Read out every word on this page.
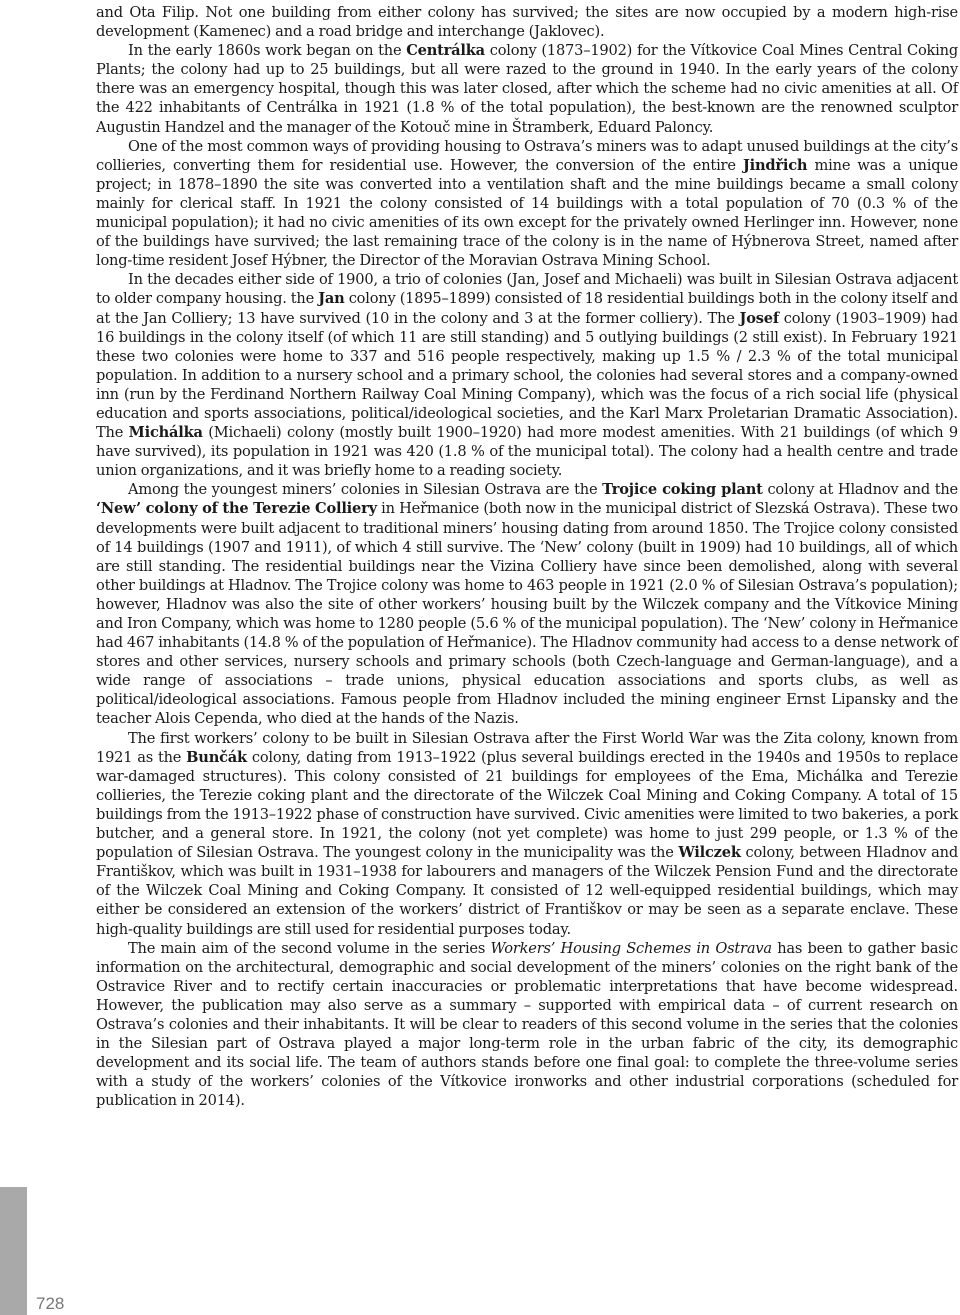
and Ota Filip. Not one building from either colony has survived; the sites are now occupied by a modern high-rise development (Kamenec) and a road bridge and interchange (Jaklovec).

In the early 1860s work began on the Centrálka colony (1873–1902) for the Vítkovice Coal Mines Central Coking Plants; the colony had up to 25 buildings, but all were razed to the ground in 1940. In the early years of the colony there was an emergency hospital, though this was later closed, after which the scheme had no civic amenities at all. Of the 422 inhabitants of Centrálka in 1921 (1.8 % of the total population), the best-known are the renowned sculptor Augustin Handzel and the manager of the Kotouč mine in Štramberk, Eduard Paloncy.

One of the most common ways of providing housing to Ostrava’s miners was to adapt unused buildings at the city’s collieries, converting them for residential use. However, the conversion of the entire Jindřich mine was a unique project; in 1878–1890 the site was converted into a ventilation shaft and the mine buildings became a small colony mainly for clerical staff. In 1921 the colony consisted of 14 buildings with a total population of 70 (0.3 % of the municipal population); it had no civic amenities of its own except for the privately owned Herlinger inn. However, none of the buildings have survived; the last remaining trace of the colony is in the name of Hýbnerova Street, named after long-time resident Josef Hýbner, the Director of the Moravian Ostrava Mining School.

In the decades either side of 1900, a trio of colonies (Jan, Josef and Michaeli) was built in Silesian Ostrava adjacent to older company housing. the Jan colony (1895–1899) consisted of 18 residential buildings both in the colony itself and at the Jan Colliery; 13 have survived (10 in the colony and 3 at the former colliery). The Josef colony (1903–1909) had 16 buildings in the colony itself (of which 11 are still standing) and 5 outlying buildings (2 still exist). In February 1921 these two colonies were home to 337 and 516 people respectively, making up 1.5 % / 2.3 % of the total municipal population. In addition to a nursery school and a primary school, the colonies had several stores and a company-owned inn (run by the Ferdinand Northern Railway Coal Mining Company), which was the focus of a rich social life (physical education and sports associations, political/ideological societies, and the Karl Marx Proletarian Dramatic Association). The Michálka (Michaeli) colony (mostly built 1900–1920) had more modest amenities. With 21 buildings (of which 9 have survived), its population in 1921 was 420 (1.8 % of the municipal total). The colony had a health centre and trade union organizations, and it was briefly home to a reading society.

Among the youngest miners’ colonies in Silesian Ostrava are the Trojice coking plant colony at Hladnov and the ‘New’ colony of the Terezie Colliery in Heřmanice (both now in the municipal district of Slezská Ostrava). These two developments were built adjacent to traditional miners’ housing dating from around 1850. The Trojice colony consisted of 14 buildings (1907 and 1911), of which 4 still survive. The ‘New’ colony (built in 1909) had 10 buildings, all of which are still standing. The residential buildings near the Vizina Colliery have since been demolished, along with several other buildings at Hladnov. The Trojice colony was home to 463 people in 1921 (2.0 % of Silesian Ostrava’s population); however, Hladnov was also the site of other workers’ housing built by the Wilczek company and the Vítkovice Mining and Iron Company, which was home to 1280 people (5.6 % of the municipal population). The ‘New’ colony in Heřmanice had 467 inhabitants (14.8 % of the population of Heřmanice). The Hladnov community had access to a dense network of stores and other services, nursery schools and primary schools (both Czech-language and German-language), and a wide range of associations – trade unions, physical education associations and sports clubs, as well as political/ideological associations. Famous people from Hladnov included the mining engineer Ernst Lipansky and the teacher Alois Cependa, who died at the hands of the Nazis.

The first workers’ colony to be built in Silesian Ostrava after the First World War was the Zita colony, known from 1921 as the Bunčák colony, dating from 1913–1922 (plus several buildings erected in the 1940s and 1950s to replace war-damaged structures). This colony consisted of 21 buildings for employees of the Ema, Michálka and Terezie collieries, the Terezie coking plant and the directorate of the Wilczek Coal Mining and Coking Company. A total of 15 buildings from the 1913–1922 phase of construction have survived. Civic amenities were limited to two bakeries, a pork butcher, and a general store. In 1921, the colony (not yet complete) was home to just 299 people, or 1.3 % of the population of Silesian Ostrava. The youngest colony in the municipality was the Wilczek colony, between Hladnov and Františkov, which was built in 1931–1938 for labourers and managers of the Wilczek Pension Fund and the directorate of the Wilczek Coal Mining and Coking Company. It consisted of 12 well-equipped residential buildings, which may either be considered an extension of the workers’ district of Františkov or may be seen as a separate enclave. These high-quality buildings are still used for residential purposes today.

The main aim of the second volume in the series Workers’ Housing Schemes in Ostrava has been to gather basic information on the architectural, demographic and social development of the miners’ colonies on the right bank of the Ostravice River and to rectify certain inaccuracies or problematic interpretations that have become widespread. However, the publication may also serve as a summary – supported with empirical data – of current research on Ostrava’s colonies and their inhabitants. It will be clear to readers of this second volume in the series that the colonies in the Silesian part of Ostrava played a major long-term role in the urban fabric of the city, its demographic development and its social life. The team of authors stands before one final goal: to complete the three-volume series with a study of the workers’ colonies of the Vítkovice ironworks and other industrial corporations (scheduled for publication in 2014).

728
